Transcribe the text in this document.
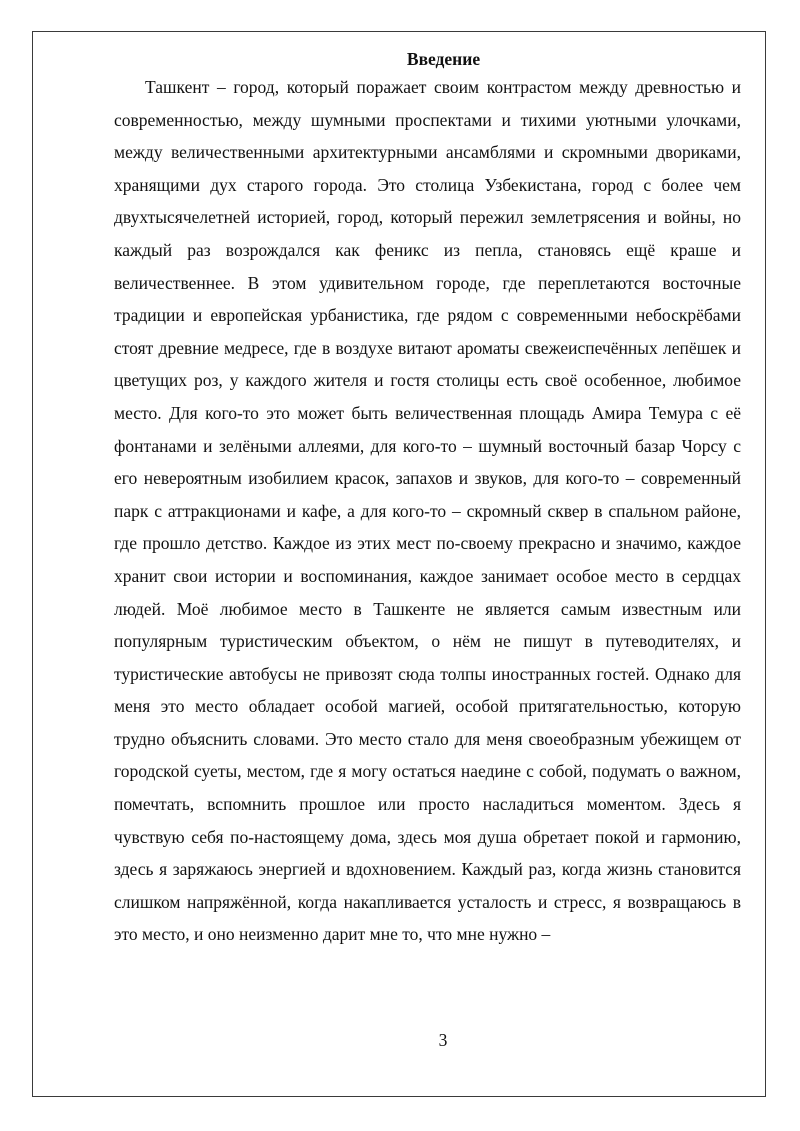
Введение

Ташкент – город, который поражает своим контрастом между древностью и современностью, между шумными проспектами и тихими уютными улочками, между величественными архитектурными ансамблями и скромными двориками, хранящими дух старого города. Это столица Узбекистана, город с более чем двухтысячелетней историей, город, который пережил землетрясения и войны, но каждый раз возрождался как феникс из пепла, становясь ещё краше и величественнее. В этом удивительном городе, где переплетаются восточные традиции и европейская урбанистика, где рядом с современными небоскрёбами стоят древние медресе, где в воздухе витают ароматы свежеиспечённых лепёшек и цветущих роз, у каждого жителя и гостя столицы есть своё особенное, любимое место. Для кого-то это может быть величественная площадь Амира Темура с её фонтанами и зелёными аллеями, для кого-то – шумный восточный базар Чорсу с его невероятным изобилием красок, запахов и звуков, для кого-то – современный парк с аттракционами и кафе, а для кого-то – скромный сквер в спальном районе, где прошло детство. Каждое из этих мест по-своему прекрасно и значимо, каждое хранит свои истории и воспоминания, каждое занимает особое место в сердцах людей. Моё любимое место в Ташкенте не является самым известным или популярным туристическим объектом, о нём не пишут в путеводителях, и туристические автобусы не привозят сюда толпы иностранных гостей. Однако для меня это место обладает особой магией, особой притягательностью, которую трудно объяснить словами. Это место стало для меня своеобразным убежищем от городской суеты, местом, где я могу остаться наедине с собой, подумать о важном, помечтать, вспомнить прошлое или просто насладиться моментом. Здесь я чувствую себя по-настоящему дома, здесь моя душа обретает покой и гармонию, здесь я заряжаюсь энергией и вдохновением. Каждый раз, когда жизнь становится слишком напряжённой, когда накапливается усталость и стресс, я возвращаюсь в это место, и оно неизменно дарит мне то, что мне нужно –

3
